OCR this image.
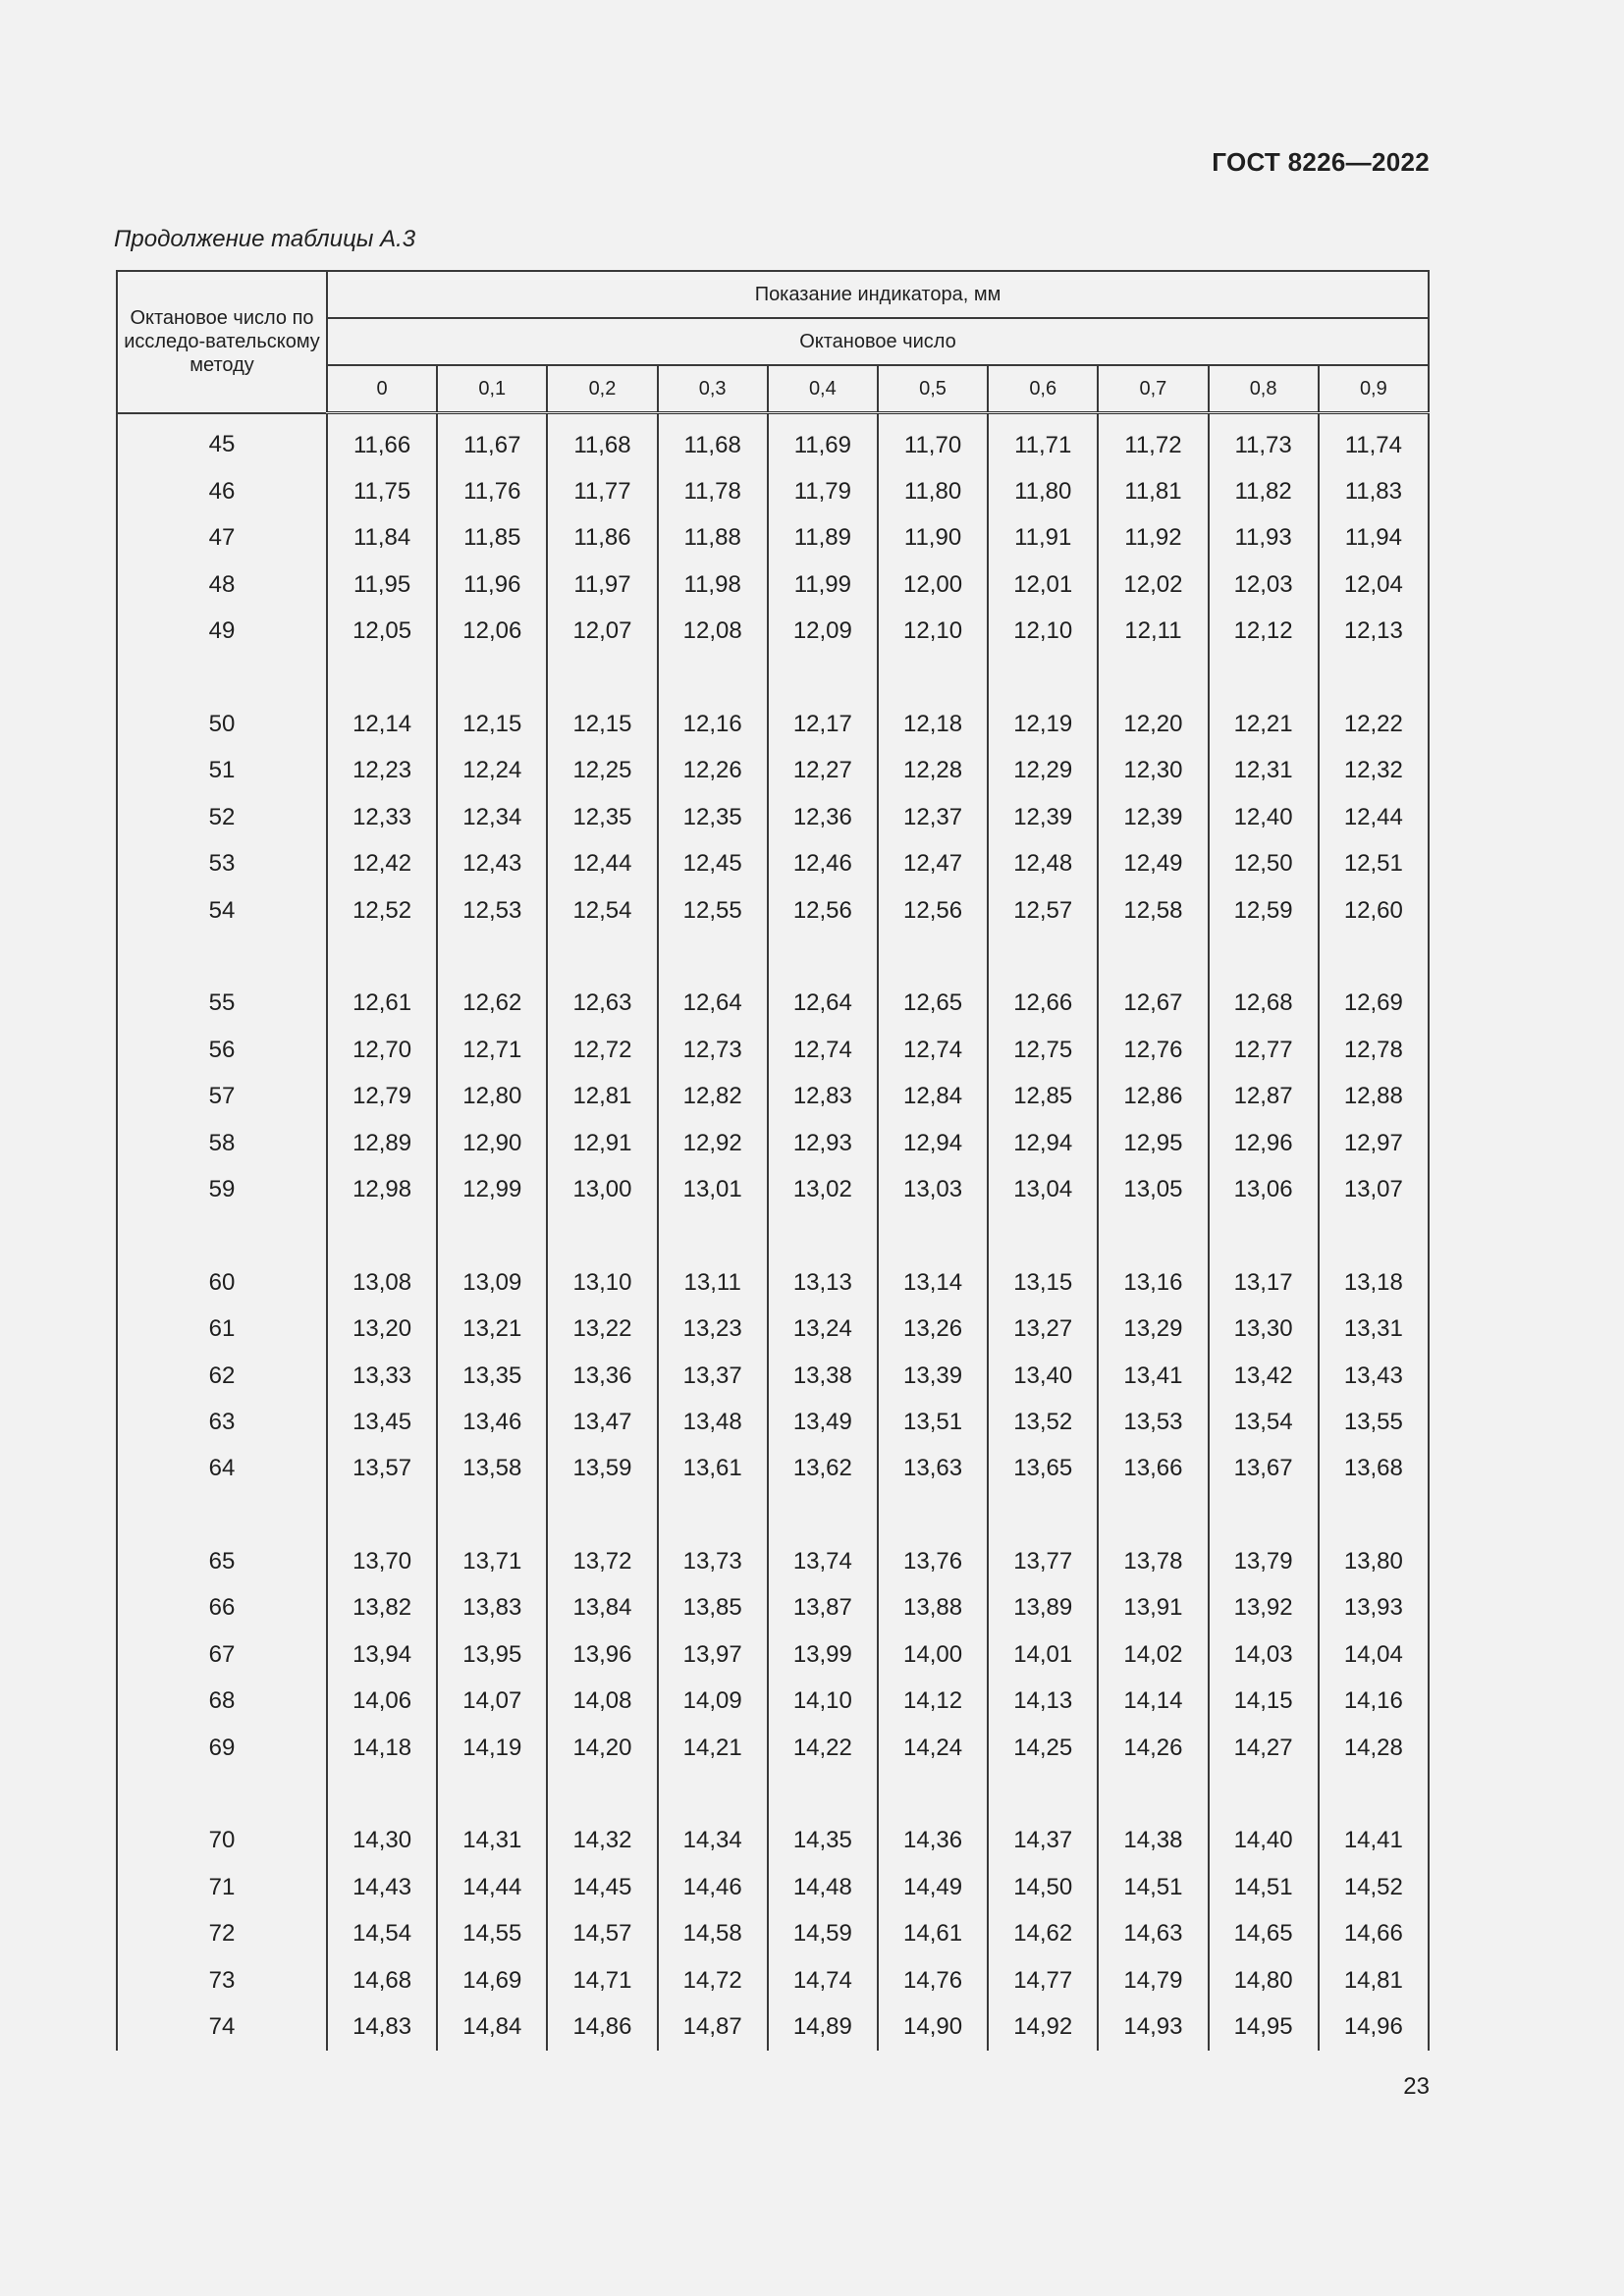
ГОСТ 8226—2022
Продолжение таблицы А.3
Октановое число по исследо-вательскому методу	Показание индикатора, мм									
	Октановое число									
	0	0,1	0,2	0,3	0,4	0,5	0,6	0,7	0,8	0,9
45	11,66	11,67	11,68	11,68	11,69	11,70	11,71	11,72	11,73	11,74
46	11,75	11,76	11,77	11,78	11,79	11,80	11,80	11,81	11,82	11,83
47	11,84	11,85	11,86	11,88	11,89	11,90	11,91	11,92	11,93	11,94
48	11,95	11,96	11,97	11,98	11,99	12,00	12,01	12,02	12,03	12,04
49	12,05	12,06	12,07	12,08	12,09	12,10	12,10	12,11	12,12	12,13

50	12,14	12,15	12,15	12,16	12,17	12,18	12,19	12,20	12,21	12,22
51	12,23	12,24	12,25	12,26	12,27	12,28	12,29	12,30	12,31	12,32
52	12,33	12,34	12,35	12,35	12,36	12,37	12,39	12,39	12,40	12,44
53	12,42	12,43	12,44	12,45	12,46	12,47	12,48	12,49	12,50	12,51
54	12,52	12,53	12,54	12,55	12,56	12,56	12,57	12,58	12,59	12,60

55	12,61	12,62	12,63	12,64	12,64	12,65	12,66	12,67	12,68	12,69
56	12,70	12,71	12,72	12,73	12,74	12,74	12,75	12,76	12,77	12,78
57	12,79	12,80	12,81	12,82	12,83	12,84	12,85	12,86	12,87	12,88
58	12,89	12,90	12,91	12,92	12,93	12,94	12,94	12,95	12,96	12,97
59	12,98	12,99	13,00	13,01	13,02	13,03	13,04	13,05	13,06	13,07

60	13,08	13,09	13,10	13,11	13,13	13,14	13,15	13,16	13,17	13,18
61	13,20	13,21	13,22	13,23	13,24	13,26	13,27	13,29	13,30	13,31
62	13,33	13,35	13,36	13,37	13,38	13,39	13,40	13,41	13,42	13,43
63	13,45	13,46	13,47	13,48	13,49	13,51	13,52	13,53	13,54	13,55
64	13,57	13,58	13,59	13,61	13,62	13,63	13,65	13,66	13,67	13,68

65	13,70	13,71	13,72	13,73	13,74	13,76	13,77	13,78	13,79	13,80
66	13,82	13,83	13,84	13,85	13,87	13,88	13,89	13,91	13,92	13,93
67	13,94	13,95	13,96	13,97	13,99	14,00	14,01	14,02	14,03	14,04
68	14,06	14,07	14,08	14,09	14,10	14,12	14,13	14,14	14,15	14,16
69	14,18	14,19	14,20	14,21	14,22	14,24	14,25	14,26	14,27	14,28

70	14,30	14,31	14,32	14,34	14,35	14,36	14,37	14,38	14,40	14,41
71	14,43	14,44	14,45	14,46	14,48	14,49	14,50	14,51	14,51	14,52
72	14,54	14,55	14,57	14,58	14,59	14,61	14,62	14,63	14,65	14,66
73	14,68	14,69	14,71	14,72	14,74	14,76	14,77	14,79	14,80	14,81
74	14,83	14,84	14,86	14,87	14,89	14,90	14,92	14,93	14,95	14,96
23
